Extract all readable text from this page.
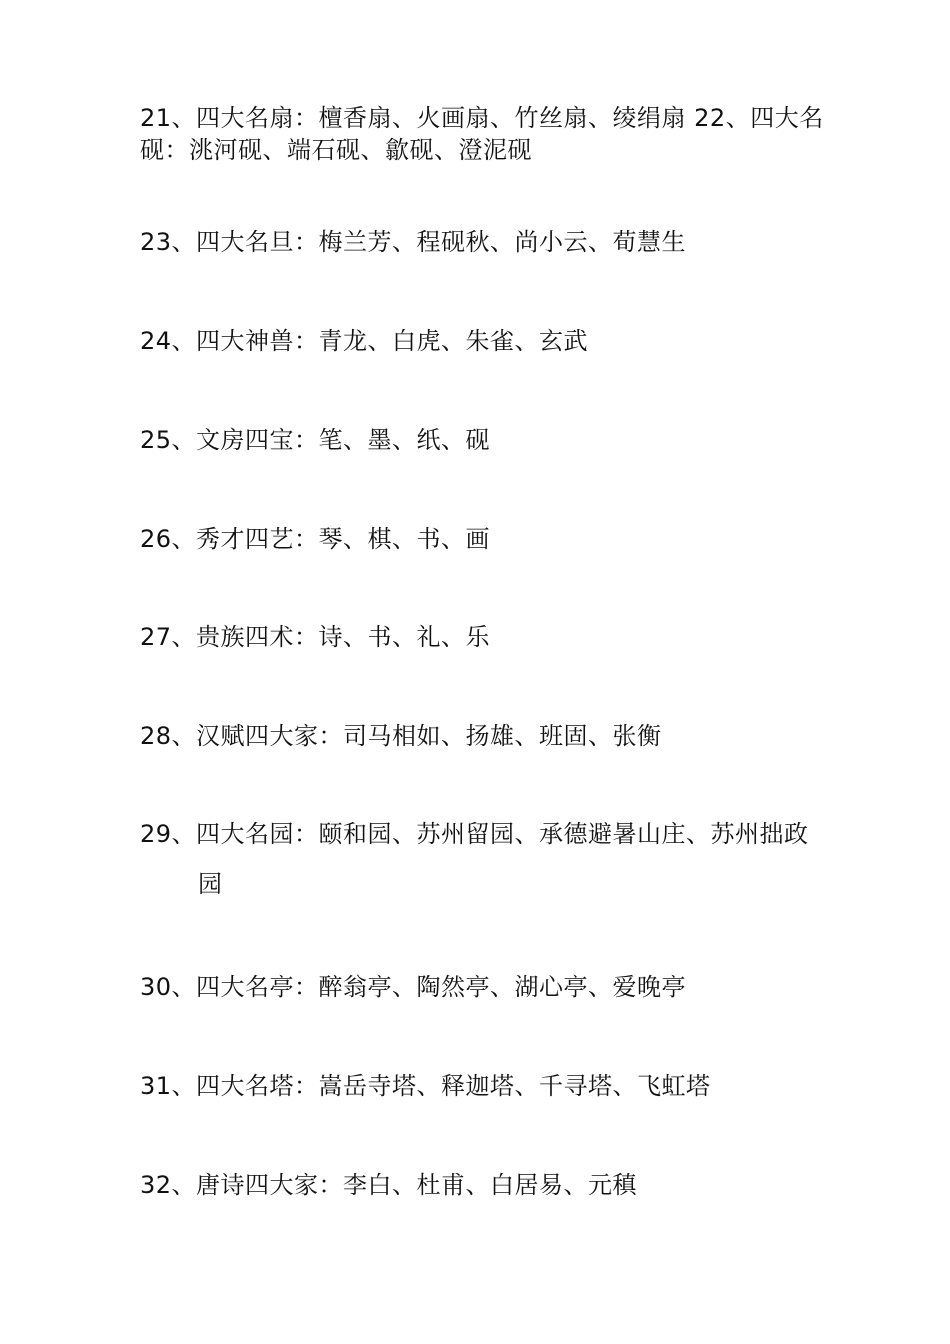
21、四大名扇：檀香扇、火画扇、竹丝扇、绫绢扇 22、四大名
砚：洮河砚、端石砚、歙砚、澄泥砚
23、四大名旦：梅兰芳、程砚秋、尚小云、荀慧生
24、四大神兽：青龙、白虎、朱雀、玄武
25、文房四宝：笔、墨、纸、砚
26、秀才四艺：琴、棋、书、画
27、贵族四术：诗、书、礼、乐
28、汉赋四大家：司马相如、扬雄、班固、张衡
29、四大名园：颐和园、苏州留园、承德避暑山庄、苏州拙政
园
30、四大名亭：醉翁亭、陶然亭、湖心亭、爱晚亭
31、四大名塔：嵩岳寺塔、释迦塔、千寻塔、飞虹塔
32、唐诗四大家：李白、杜甫、白居易、元稹
